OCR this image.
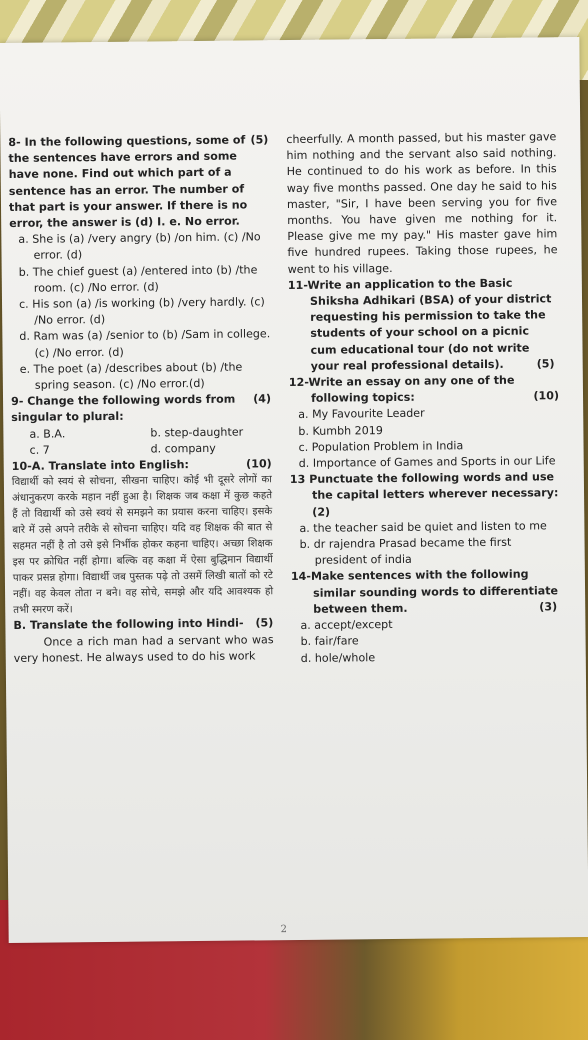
(5)
8- In the following questions, some of the sentences have errors and some have none. Find out which part of a sentence has an error. The number of that part is your answer. If there is no error, the answer is (d) I. e. No error.
a. She is (a) /very angry (b) /on him. (c) /No error. (d)
b. The chief guest (a) /entered into (b) /the room. (c) /No error. (d)
c. His son (a) /is working (b) /very hardly. (c) /No error. (d)
d. Ram was (a) /senior to (b) /Sam in college. (c) /No error. (d)
e. The poet (a) /describes about (b) /the spring season. (c) /No error.(d)
(4)
9- Change the following words from singular to plural:
a. B.A.	b. step-daughter
c. 7	d. company
(10)
10-A. Translate into English:
विद्यार्थी को स्वयं से सोचना, सीखना चाहिए। कोई भी दूसरे लोगों का अंधानुकरण करके महान नहीं हुआ है। शिक्षक जब कक्षा में कुछ कहते हैं तो विद्यार्थी को उसे स्वयं से समझने का प्रयास करना चाहिए। इसके बारे में उसे अपने तरीके से सोचना चाहिए। यदि वह शिक्षक की बात से सहमत नहीं है तो उसे इसे निर्भीक होकर कहना चाहिए। अच्छा शिक्षक इस पर क्रोधित नहीं होगा। बल्कि वह कक्षा में ऐसा बुद्धिमान विद्यार्थी पाकर प्रसन्न होगा। विद्यार्थी जब पुस्तक पढ़े तो उसमें लिखी बातों को रटे नहीं। वह केवल तोता न बने। वह सोचे, समझे और यदि आवश्यक हो तभी स्मरण करें।
B. Translate the following into Hindi- (5)
Once a rich man had a servant who was very honest. He always used to do his work
cheerfully. A month passed, but his master gave him nothing and the servant also said nothing. He continued to do his work as before. In this way five months passed. One day he said to his master, "Sir, I have been serving you for five months. You have given me nothing for it. Please give me my pay." His master gave him five hundred rupees. Taking those rupees, he went to his village.
11-Write an application to the Basic Shiksha Adhikari (BSA) of your district requesting his permission to take the students of your school on a picnic cum educational tour (do not write your real professional details).	(5)
12-Write an essay on any one of the following topics:	(10)
a. My Favourite Leader
b. Kumbh 2019
c. Population Problem in India
d. Importance of Games and Sports in our Life
13 Punctuate the following words and use the capital letters wherever necessary: (2)
a. the teacher said be quiet and listen to me
b. dr rajendra Prasad became the first president of india
14-Make sentences with the following similar sounding words to differentiate between them.	(3)
a. accept/except
b. fair/fare
d. hole/whole
2
